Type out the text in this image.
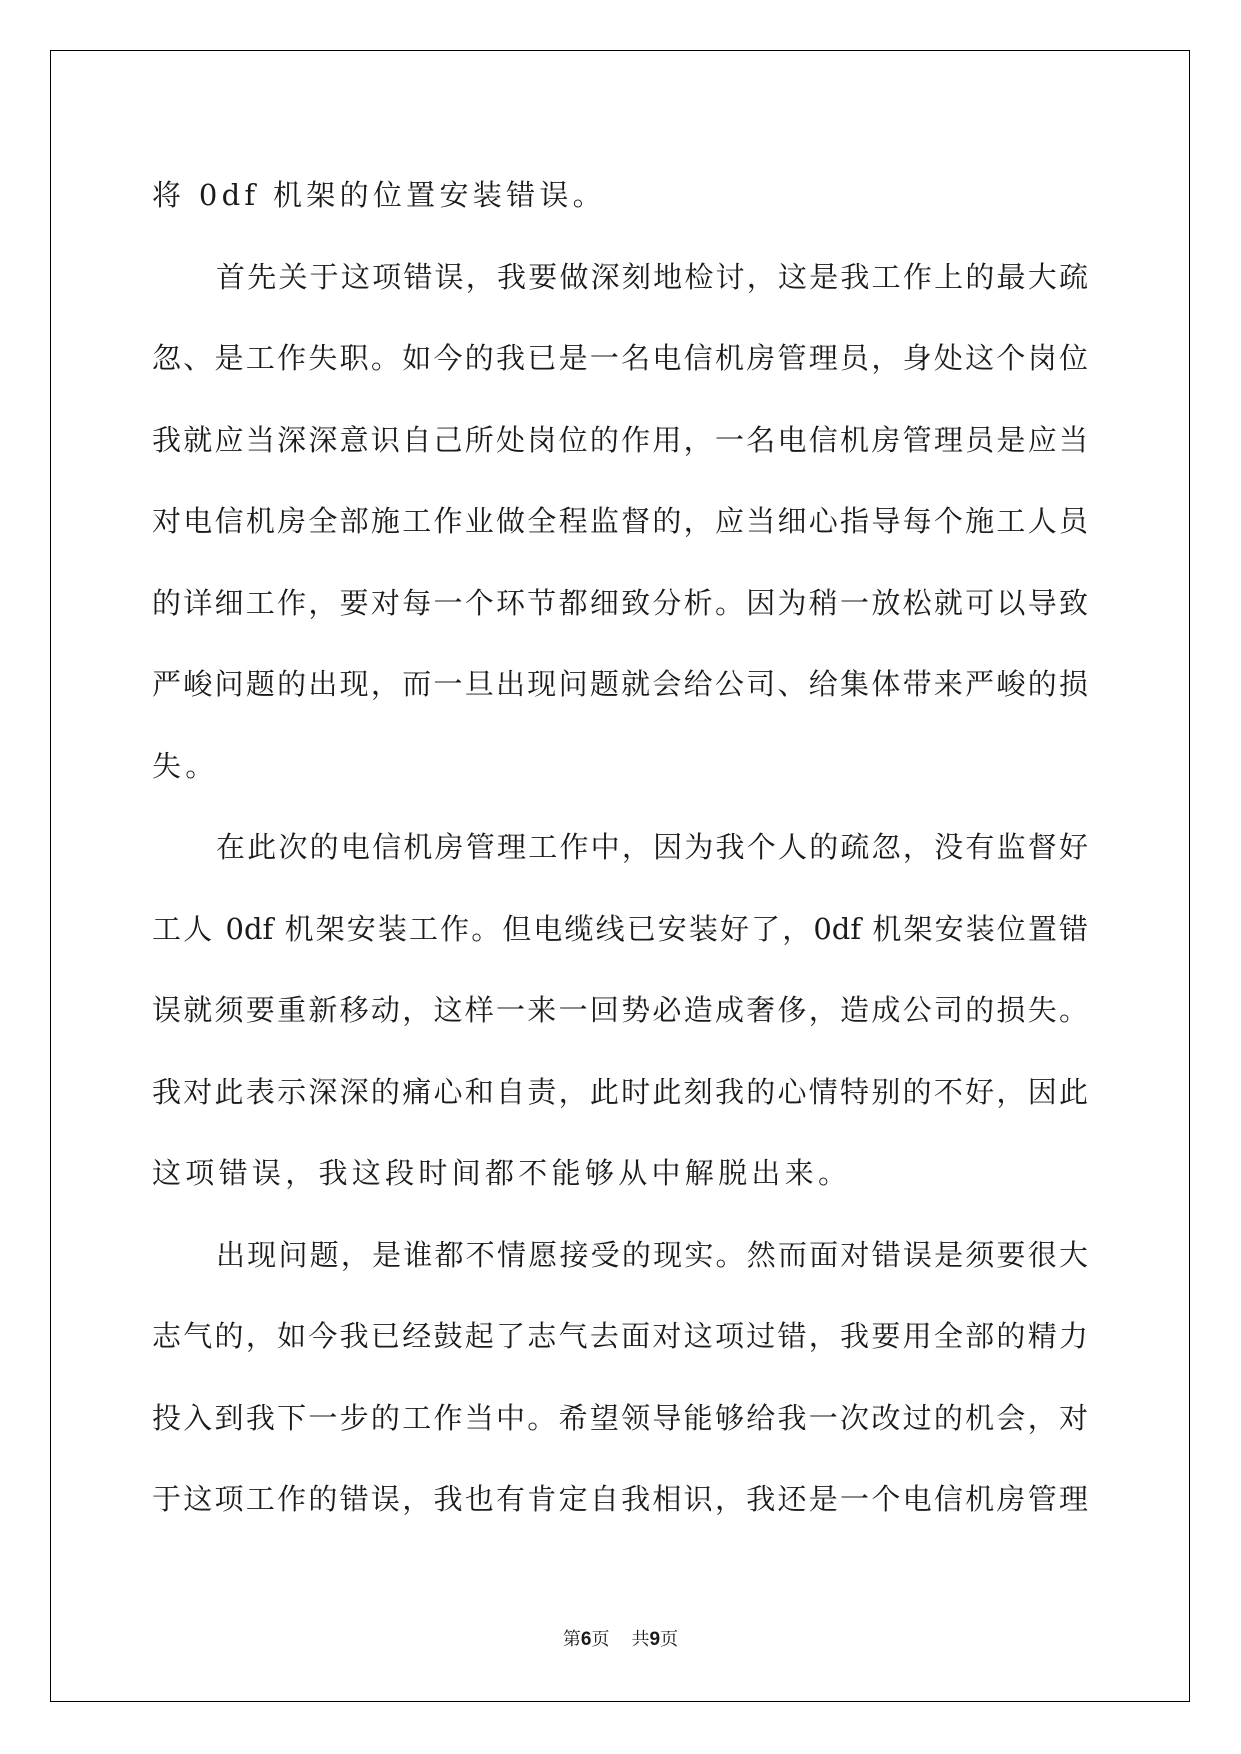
将 0df 机架的位置安装错误。
首先关于这项错误，我要做深刻地检讨，这是我工作上的最大疏
忽、是工作失职。如今的我已是一名电信机房管理员，身处这个岗位
我就应当深深意识自己所处岗位的作用，一名电信机房管理员是应当
对电信机房全部施工作业做全程监督的，应当细心指导每个施工人员
的详细工作，要对每一个环节都细致分析。因为稍一放松就可以导致
严峻问题的出现，而一旦出现问题就会给公司、给集体带来严峻的损
失。
在此次的电信机房管理工作中，因为我个人的疏忽，没有监督好
工人 0df 机架安装工作。但电缆线已安装好了，0df 机架安装位置错
误就须要重新移动，这样一来一回势必造成奢侈，造成公司的损失。
我对此表示深深的痛心和自责，此时此刻我的心情特别的不好，因此
这项错误，我这段时间都不能够从中解脱出来。
出现问题，是谁都不情愿接受的现实。然而面对错误是须要很大
志气的，如今我已经鼓起了志气去面对这项过错，我要用全部的精力
投入到我下一步的工作当中。希望领导能够给我一次改过的机会，对
于这项工作的错误，我也有肯定自我相识，我还是一个电信机房管理
第6页 共9页
